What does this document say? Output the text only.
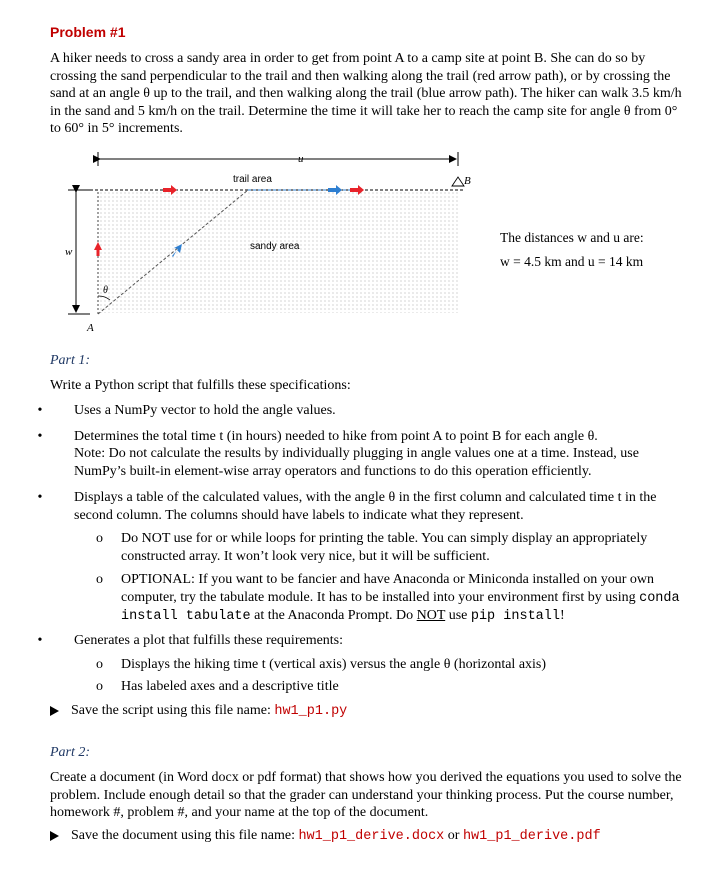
Problem #1
A hiker needs to cross a sandy area in order to get from point A to a camp site at point B. She can do so by crossing the sand perpendicular to the trail and then walking along the trail (red arrow path), or by crossing the sand at an angle θ up to the trail, and then walking along the trail (blue arrow path). The hiker can walk 3.5 km/h in the sand and 5 km/h on the trail. Determine the time it will take her to reach the camp site for angle θ from 0° to 60° in 5° increments.
u
w
θ
trail area
sandy area
A
B
The distances w and u are:
w = 4.5 km and u = 14 km
Part 1:
Write a Python script that fulfills these specifications:
• Uses a NumPy vector to hold the angle values.
• Determines the total time t (in hours) needed to hike from point A to point B for each angle θ.
Note: Do not calculate the results by individually plugging in angle values one at a time. Instead, use NumPy’s built-in element-wise array operators and functions to do this operation efficiently.
• Displays a table of the calculated values, with the angle θ in the first column and calculated time t in the second column. The columns should have labels to indicate what they represent.
o Do NOT use for or while loops for printing the table. You can simply display an appropriately constructed array. It won’t look very nice, but it will be sufficient.
o OPTIONAL: If you want to be fancier and have Anaconda or Miniconda installed on your own computer, try the tabulate module. It has to be installed into your environment first by using conda install tabulate at the Anaconda Prompt. Do NOT use pip install!
• Generates a plot that fulfills these requirements:
o Displays the hiking time t (vertical axis) versus the angle θ (horizontal axis)
o Has labeled axes and a descriptive title
Save the script using this file name: hw1_p1.py
Part 2:
Create a document (in Word docx or pdf format) that shows how you derived the equations you used to solve the problem. Include enough detail so that the grader can understand your thinking process. Put the course number, homework #, problem #, and your name at the top of the document.
Save the document using this file name: hw1_p1_derive.docx or hw1_p1_derive.pdf
